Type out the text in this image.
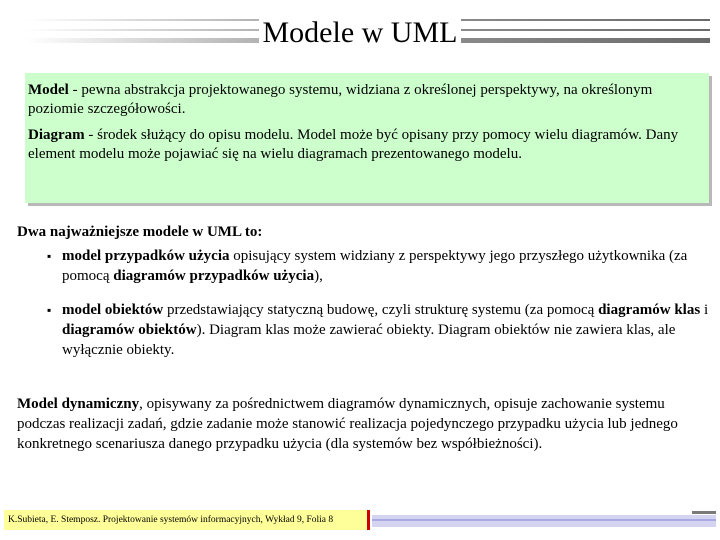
Modele w UML

Model - pewna abstrakcja projektowanego systemu, widziana z określonej perspektywy, na określonym poziomie szczegółowości.

Diagram - środek służący do opisu modelu. Model może być opisany przy pomocy wielu diagramów. Dany element modelu może pojawiać się na wielu diagramach prezentowanego modelu.

Dwa najważniejsze modele w UML to:

▪ model przypadków użycia opisujący system widziany z perspektywy jego przyszłego użytkownika (za pomocą diagramów przypadków użycia),
▪ model obiektów przedstawiający statyczną budowę, czyli strukturę systemu (za pomocą diagramów klas i diagramów obiektów). Diagram klas może zawierać obiekty. Diagram obiektów nie zawiera klas, ale wyłącznie obiekty.

Model dynamiczny, opisywany za pośrednictwem diagramów dynamicznych, opisuje zachowanie systemu podczas realizacji zadań, gdzie zadanie może stanowić realizacja pojedynczego przypadku użycia lub jednego konkretnego scenariusza danego przypadku użycia (dla systemów bez współbieżności).

K.Subieta, E. Stemposz. Projektowanie systemów informacyjnych, Wykład 9, Folia 8
